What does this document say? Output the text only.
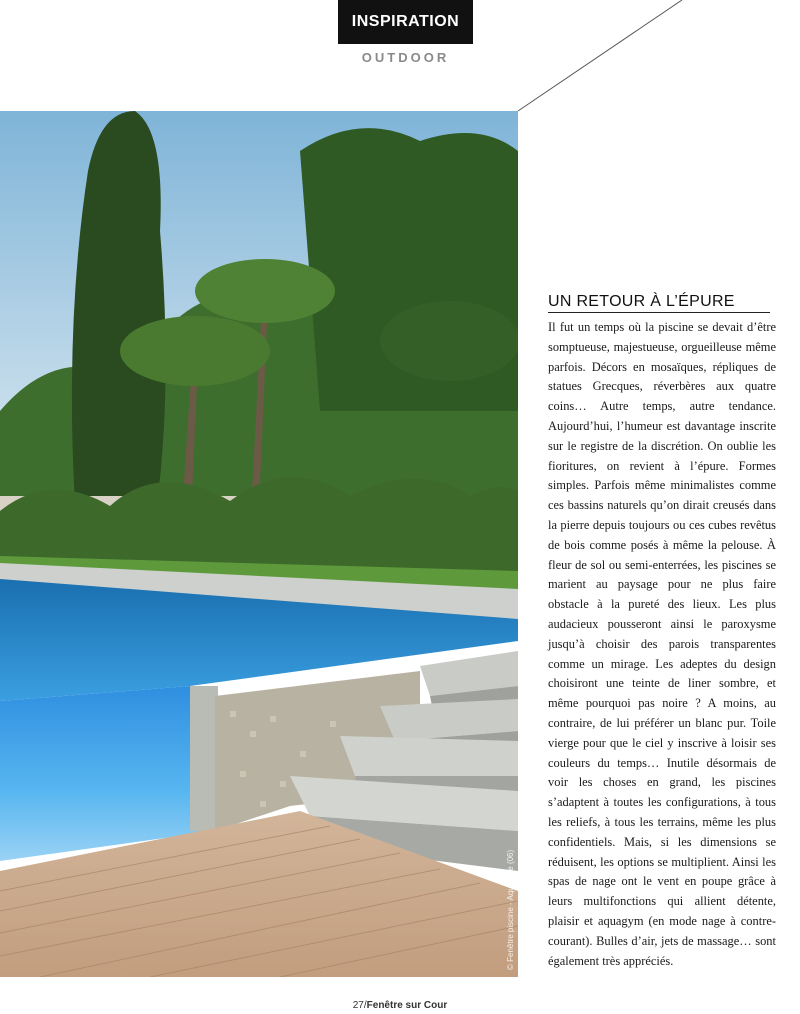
INSPIRATION
OUTDOOR
© Fenêtre piscine - Aquareve (06)
UN RETOUR À L’ÉPURE

Il fut un temps où la piscine se devait d’être somptueuse, majestueuse, orgueilleuse même parfois. Décors en mosaïques, répliques de statues Grecques, réverbères aux quatre coins… Autre temps, autre tendance. Aujourd’hui, l’humeur est davantage inscrite sur le registre de la discrétion. On oublie les fioritures, on revient à l’épure. Formes simples. Parfois même minimalistes comme ces bassins naturels qu’on dirait creusés dans la pierre depuis toujours ou ces cubes revêtus de bois comme posés à même la pelouse. À fleur de sol ou semi-enterrées, les piscines se marient au paysage pour ne plus faire obstacle à la pureté des lieux. Les plus audacieux pousseront ainsi le paroxysme jusqu’à choisir des parois transparentes comme un mirage. Les adeptes du design choisiront une teinte de liner sombre, et même pourquoi pas noire ? A moins, au contraire, de lui préférer un blanc pur. Toile vierge pour que le ciel y inscrive à loisir ses couleurs du temps… Inutile désormais de voir les choses en grand, les piscines s’adaptent à toutes les configurations, à tous les reliefs, à tous les terrains, même les plus confidentiels. Mais, si les dimensions se réduisent, les options se multiplient. Ainsi les spas de nage ont le vent en poupe grâce à leurs multifonctions qui allient détente, plaisir et aquagym (en mode nage à contre-courant). Bulles d’air, jets de massage… sont également très appréciés.

27/Fenêtre sur Cour
